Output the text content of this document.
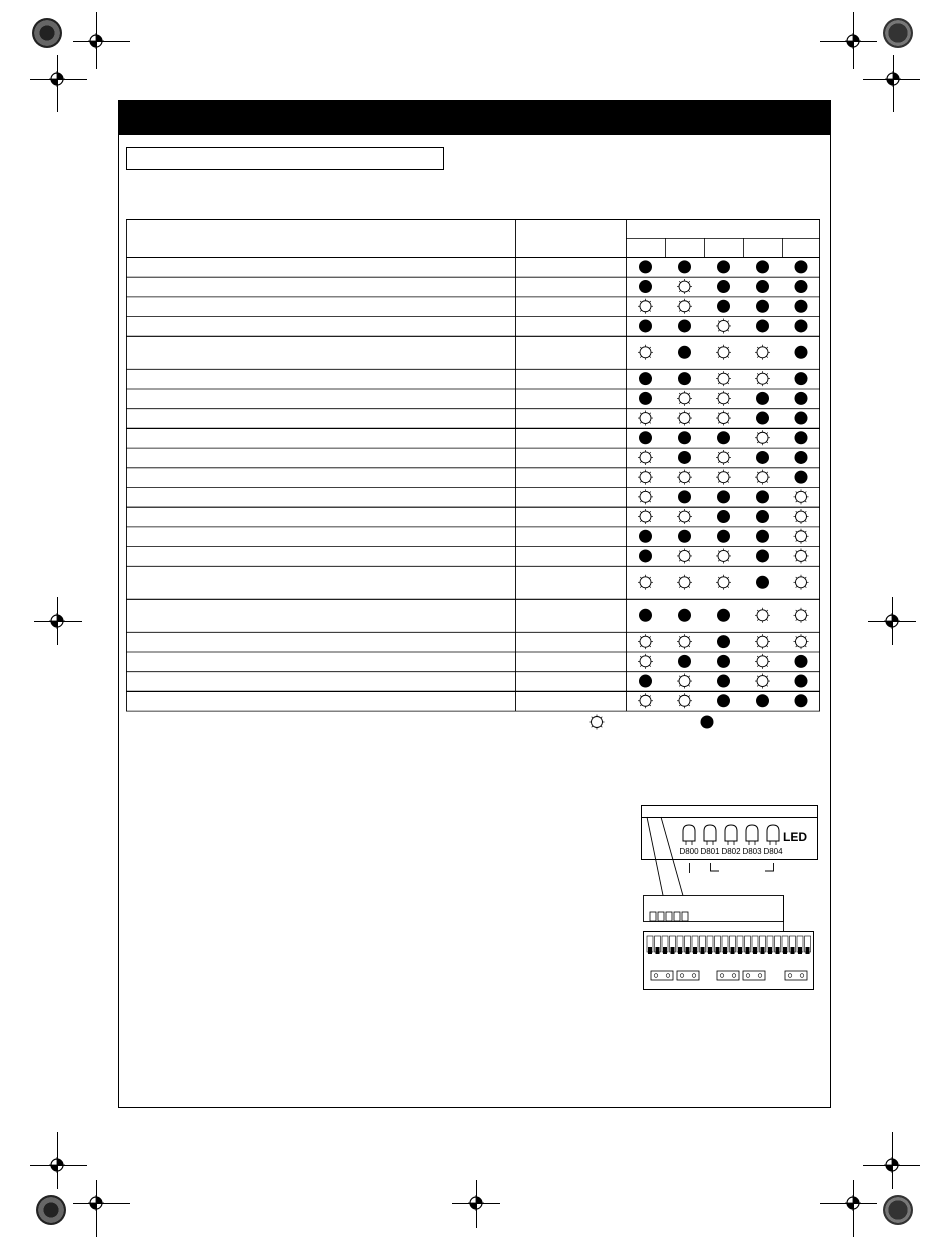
D800 D801 D802 D803 D804
LED
